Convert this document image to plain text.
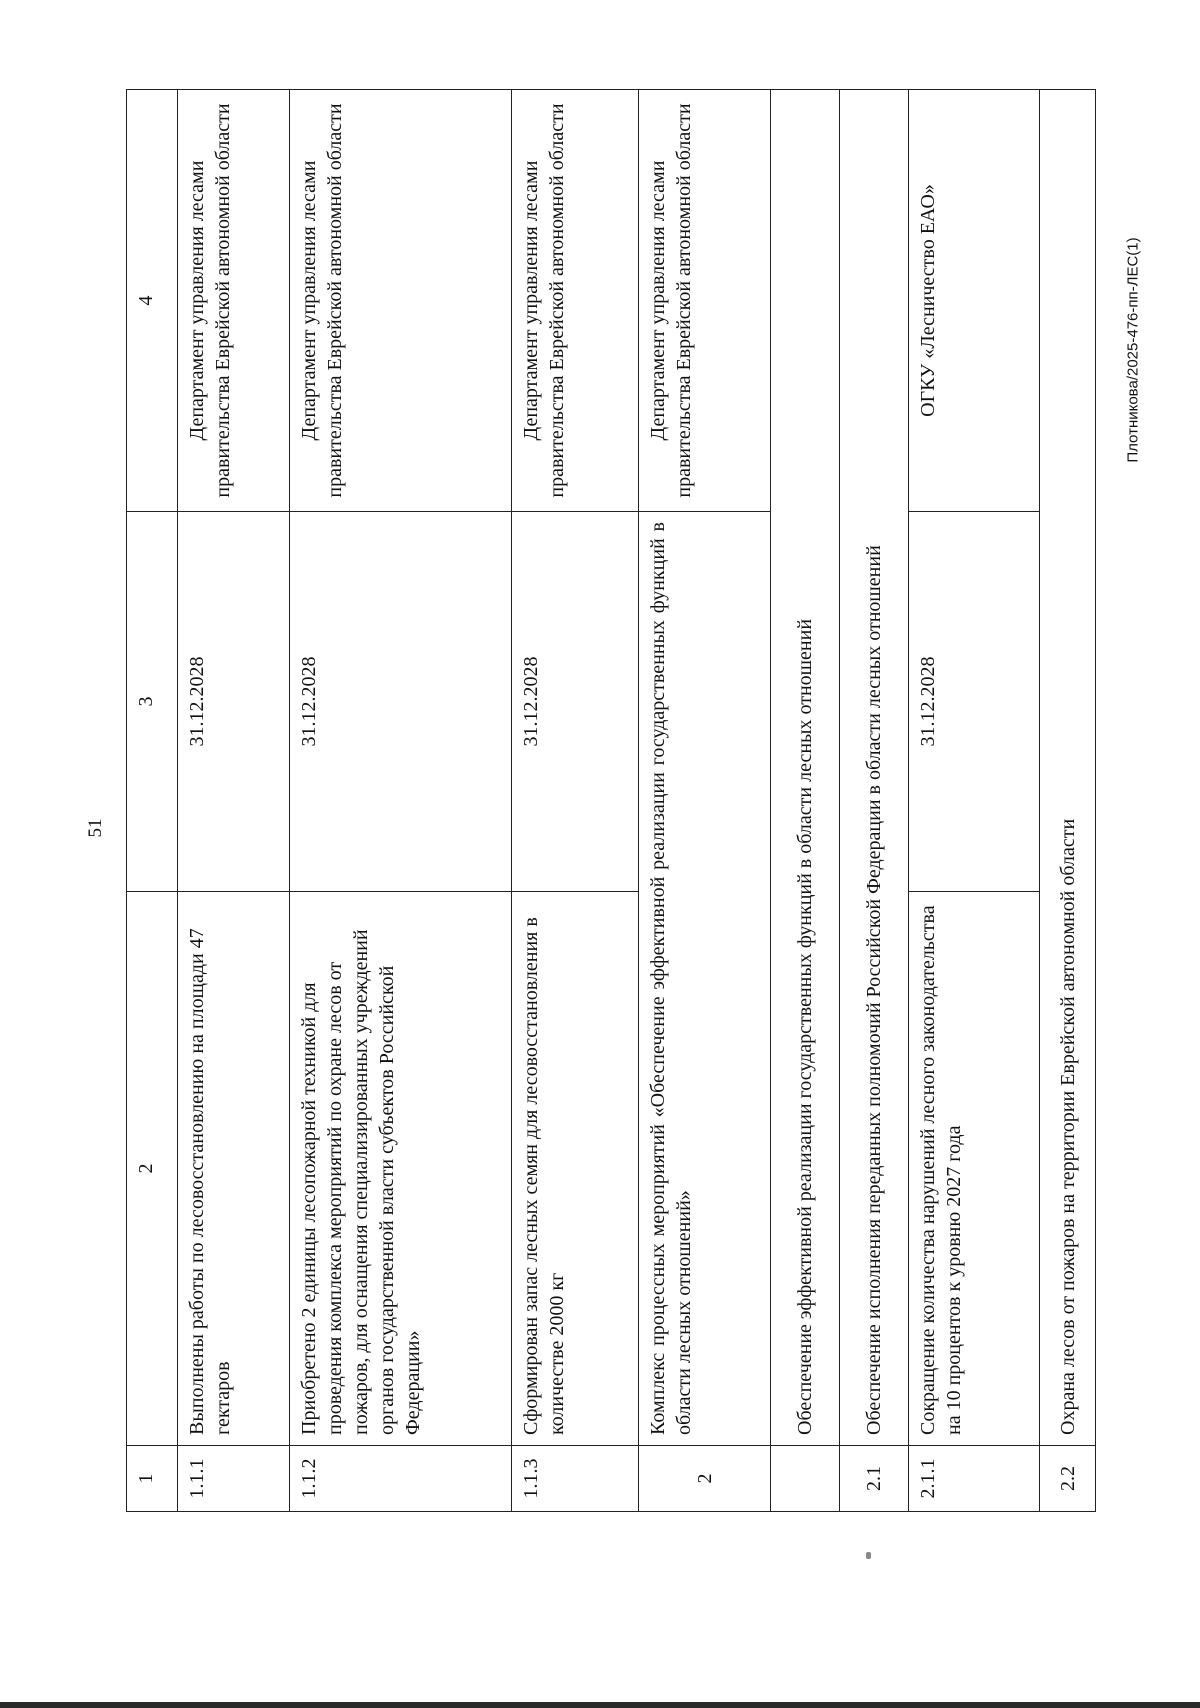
51
1	2	3	4
1.1.1	Выполнены работы по лесовосстановлению на площади 47 гектаров	31.12.2028	Департамент управления лесами правительства Еврейской автономной области
1.1.2	Приобретено 2 единицы лесопожарной техникой для проведения комплекса мероприятий по охране лесов от пожаров, для оснащения специализированных учреждений органов государственной власти субъектов Российской Федерации»	31.12.2028	Департамент управления лесами правительства Еврейской автономной области
1.1.3	Сформирован запас лесных семян для лесовосстановления в количестве 2000 кг	31.12.2028	Департамент управления лесами правительства Еврейской автономной области
2	Комплекс процессных мероприятий «Обеспечение эффективной реализации государственных функций в области лесных отношений»		Департамент управления лесами правительства Еврейской автономной области
	Обеспечение эффективной реализации государственных функций в области лесных отношений		
2.1	Обеспечение исполнения переданных полномочий Российской Федерации в области лесных отношений		
2.1.1	Сокращение количества нарушений лесного законодательства на 10 процентов к уровню 2027 года	31.12.2028	ОГКУ «Лесничество ЕАО»
2.2	Охрана лесов от пожаров на территории Еврейской автономной области		
Плотникова/2025-476-пп-ЛЕС(1)
